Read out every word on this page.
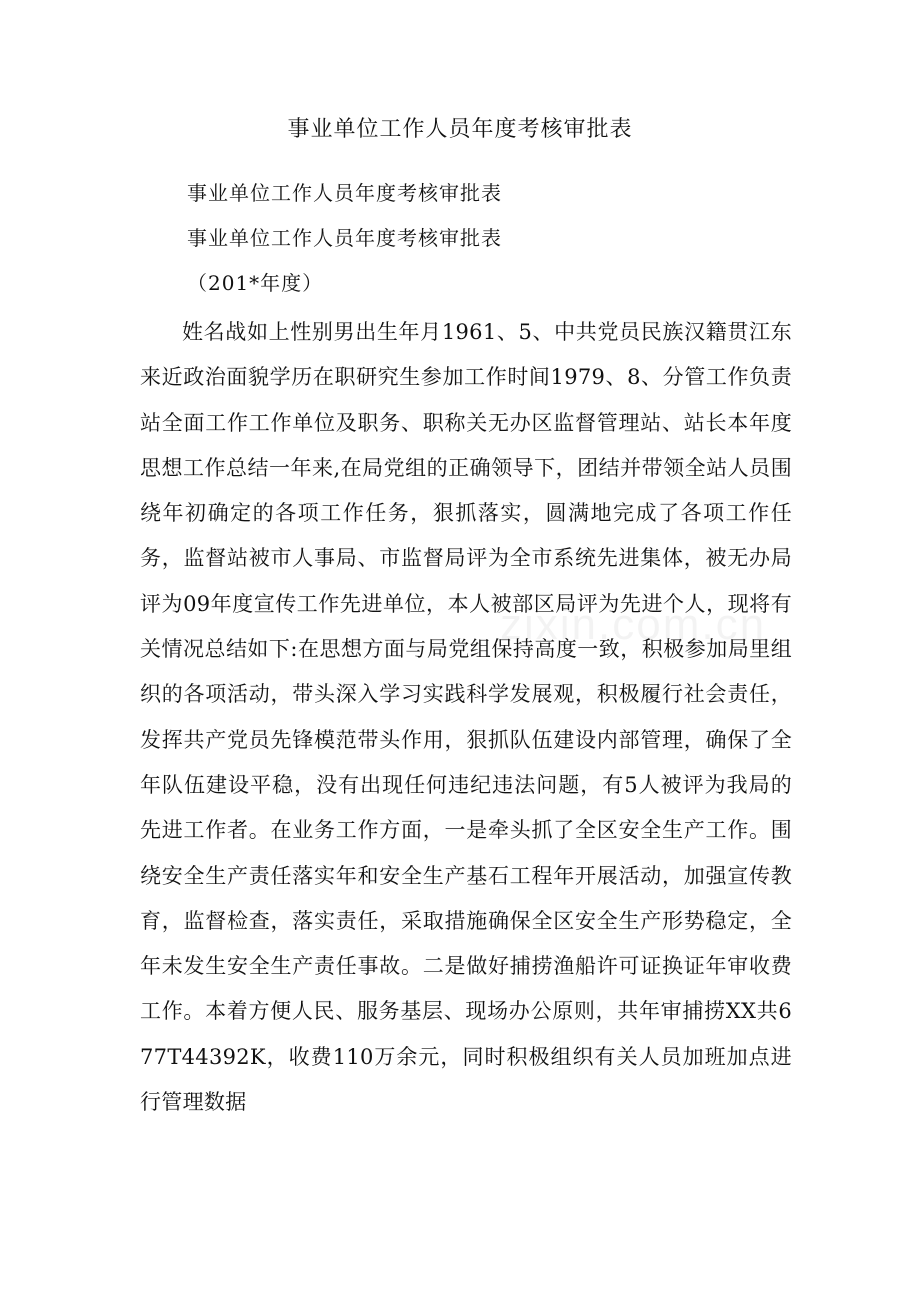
事业单位工作人员年度考核审批表

事业单位工作人员年度考核审批表

事业单位工作人员年度考核审批表

（201*年度）

姓名战如上性别男出生年月1961、5、中共党员民族汉籍贯江东来近政治面貌学历在职研究生参加工作时间1979、8、分管工作负责站全面工作工作单位及职务、职称关无办区监督管理站、站长本年度思想工作总结一年来,在局党组的正确领导下，团结并带领全站人员围绕年初确定的各项工作任务，狠抓落实，圆满地完成了各项工作任务，监督站被市人事局、市监督局评为全市系统先进集体，被无办局评为09年度宣传工作先进单位，本人被部区局评为先进个人，现将有关情况总结如下:在思想方面与局党组保持高度一致，积极参加局里组织的各项活动，带头深入学习实践科学发展观，积极履行社会责任，发挥共产党员先锋模范带头作用，狠抓队伍建设内部管理，确保了全年队伍建设平稳，没有出现任何违纪违法问题，有5人被评为我局的先进工作者。在业务工作方面，一是牵头抓了全区安全生产工作。围绕安全生产责任落实年和安全生产基石工程年开展活动，加强宣传教育，监督检查，落实责任，采取措施确保全区安全生产形势稳定，全年未发生安全生产责任事故。二是做好捕捞渔船许可证换证年审收费工作。本着方便人民、服务基层、现场办公原则，共年审捕捞XX共677T44392K，收费110万余元，同时积极组织有关人员加班加点进行管理数据
